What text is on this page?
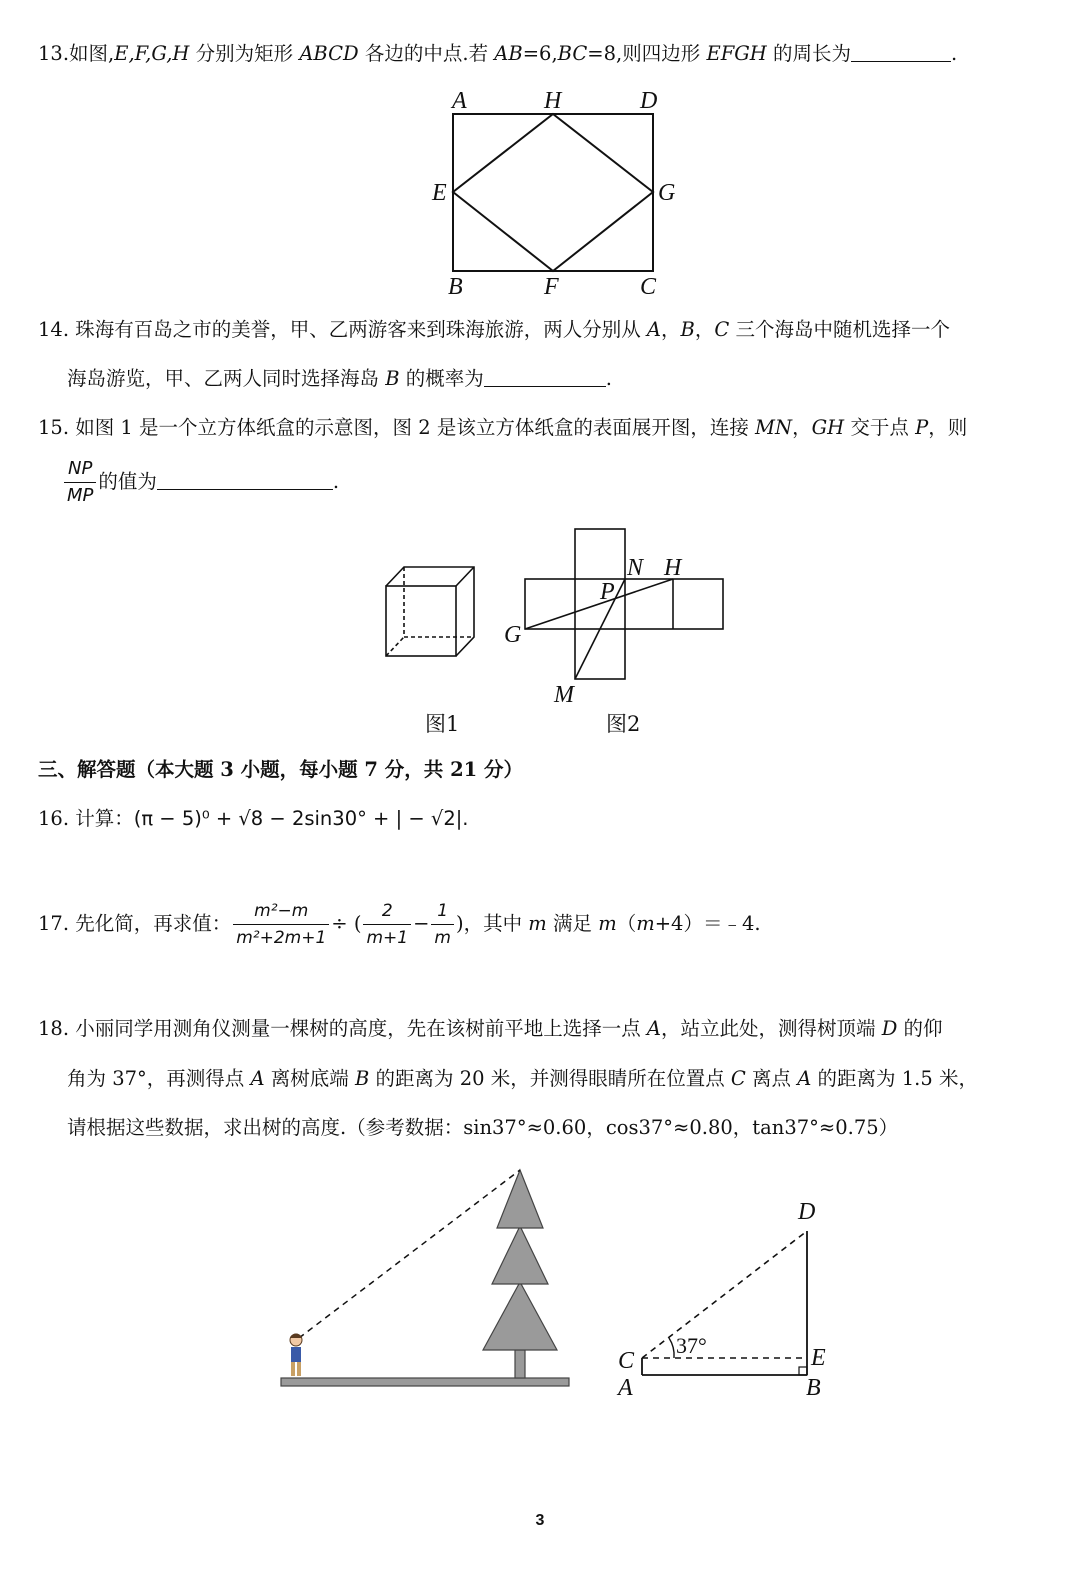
13.如图,E,F,G,H 分别为矩形 ABCD 各边的中点.若 AB=6,BC=8,则四边形 EFGH 的周长为	.
A	H	D
E	G
B	F	C
14. 珠海有百岛之市的美誉，甲、乙两游客来到珠海旅游，两人分别从 A，B，C 三个海岛中随机选择一个
海岛游览，甲、乙两人同时选择海岛 B 的概率为	.
15. 如图 1 是一个立方体纸盒的示意图，图 2 是该立方体纸盒的表面展开图，连接 MN，GH 交于点 P，则
$\frac{NP}{MP}$ 的值为	.
N H
P
G
M
图1	图2
三、解答题（本大题 3 小题，每小题 7 分，共 21 分）
16. 计算：(π − 5)⁰ + √8 − 2sin30° + | − √2|.
17. 先化简，再求值： $\frac{\text{m²−m}}{\text{m²+2m+1}}$ ÷ ( $\frac{2}{m+1} - \frac{1}{m}$ )，其中 m 满足 m（m+4）＝﹣4.
18. 小丽同学用测角仪测量一棵树的高度，先在该树前平地上选择一点 A，站立此处，测得树顶端 D 的仰
角为 37°，再测得点 A 离树底端 B 的距离为 20 米，并测得眼睛所在位置点 C 离点 A 的距离为 1.5 米，
请根据这些数据，求出树的高度.（参考数据：sin37°≈0.60，cos37°≈0.80，tan37°≈0.75）
37°
D
C	E
A	B
3
